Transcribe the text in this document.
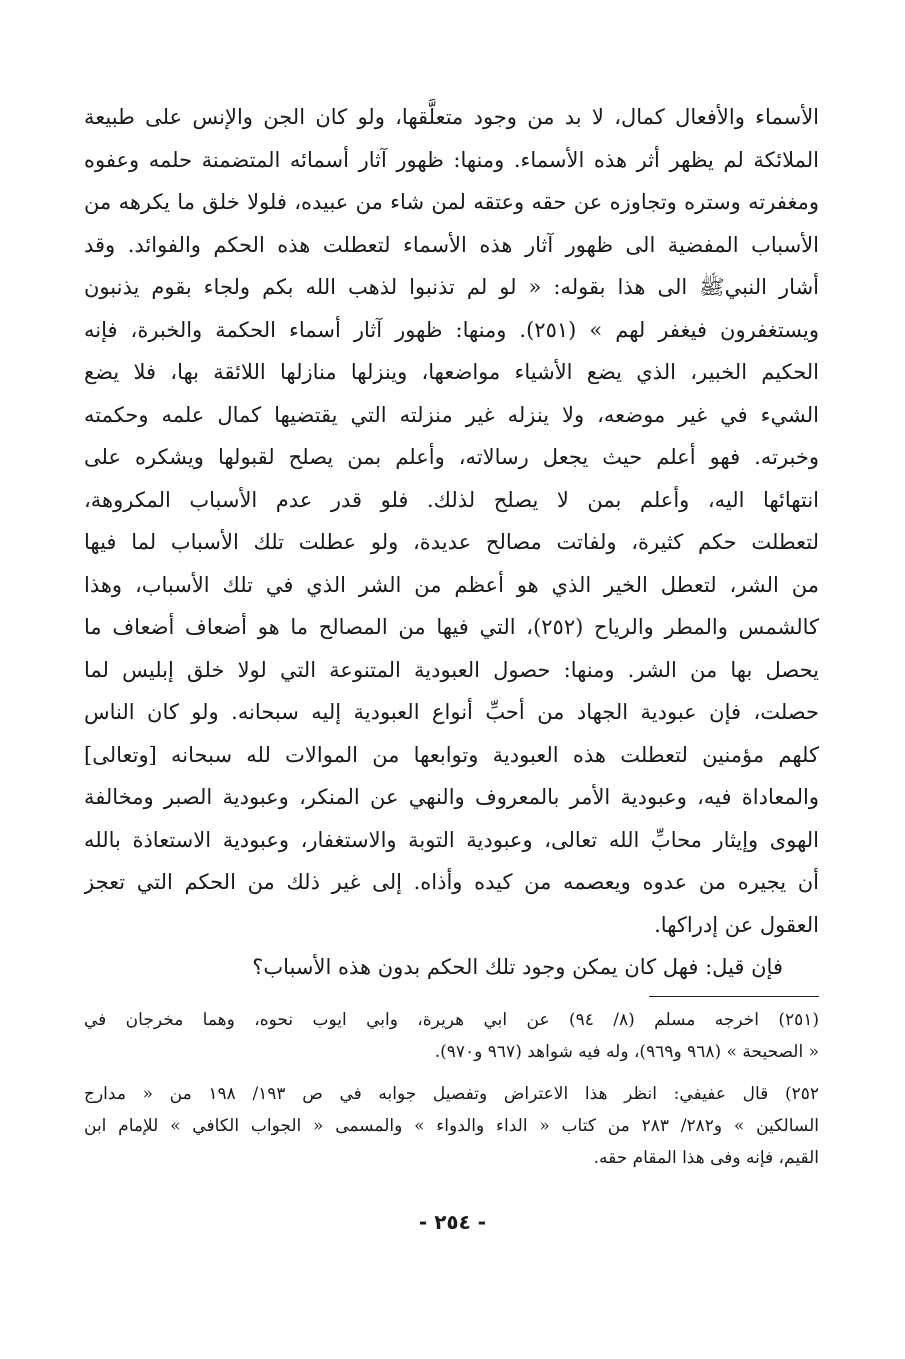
الأسماء والأفعال كمال، لا بد من وجود متعلَّقها، ولو كان الجن والإنس على طبيعة
الملائكة لم يظهر أثر هذه الأسماء. ومنها: ظهور آثار أسمائه المتضمنة حلمه وعفوه
ومغفرته وستره وتجاوزه عن حقه وعتقه لمن شاء من عبيده، فلولا خلق ما يكرهه من
الأسباب المفضية الى ظهور آثار هذه الأسماء لتعطلت هذه الحكم والفوائد. وقد
أشار النبيﷺ الى هذا بقوله: « لو لم تذنبوا لذهب الله بكم ولجاء بقوم يذنبون
ويستغفرون فيغفر لهم » (٢٥١). ومنها: ظهور آثار أسماء الحكمة والخبرة، فإنه
الحكيم الخبير، الذي يضع الأشياء مواضعها، وينزلها منازلها اللائقة بها، فلا يضع
الشيء في غير موضعه، ولا ينزله غير منزلته التي يقتضيها كمال علمه وحكمته
وخبرته. فهو أعلم حيث يجعل رسالاته، وأعلم بمن يصلح لقبولها ويشكره على
انتهائها اليه، وأعلم بمن لا يصلح لذلك. فلو قدر عدم الأسباب المكروهة،
لتعطلت حكم كثيرة، ولفاتت مصالح عديدة، ولو عطلت تلك الأسباب لما فيها
من الشر، لتعطل الخير الذي هو أعظم من الشر الذي في تلك الأسباب، وهذا
كالشمس والمطر والرياح (٢٥٢)، التي فيها من المصالح ما هو أضعاف أضعاف ما
يحصل بها من الشر. ومنها: حصول العبودية المتنوعة التي لولا خلق إبليس لما
حصلت، فإن عبودية الجهاد من أحبِّ أنواع العبودية إليه سبحانه. ولو كان الناس
كلهم مؤمنين لتعطلت هذه العبودية وتوابعها من الموالات لله سبحانه [وتعالى]
والمعاداة فيه، وعبودية الأمر بالمعروف والنهي عن المنكر، وعبودية الصبر ومخالفة
الهوى وإيثار محابِّ الله تعالى، وعبودية التوبة والاستغفار، وعبودية الاستعاذة بالله
أن يجيره من عدوه ويعصمه من كيده وأذاه. إلى غير ذلك من الحكم التي تعجز
العقول عن إدراكها.
فإن قيل: فهل كان يمكن وجود تلك الحكم بدون هذه الأسباب؟
(٢٥١) اخرجه مسلم (٨/ ٩٤) عن ابي هريرة، وابي ايوب نحوه، وهما مخرجان في
« الصحيحة » (٩٦٨ و٩٦٩)، وله فيه شواهد (٩٦٧ و٩٧٠).
٢٥٢) قال عفيفي: انظر هذا الاعتراض وتفصيل جوابه في ص ١٩٣/ ١٩٨ من « مدارج
السالكين » و٢٨٢/ ٢٨٣ من كتاب « الداء والدواء » والمسمى « الجواب الكافي » للإمام ابن
القيم، فإنه وفى هذا المقام حقه.
- ٢٥٤ -
